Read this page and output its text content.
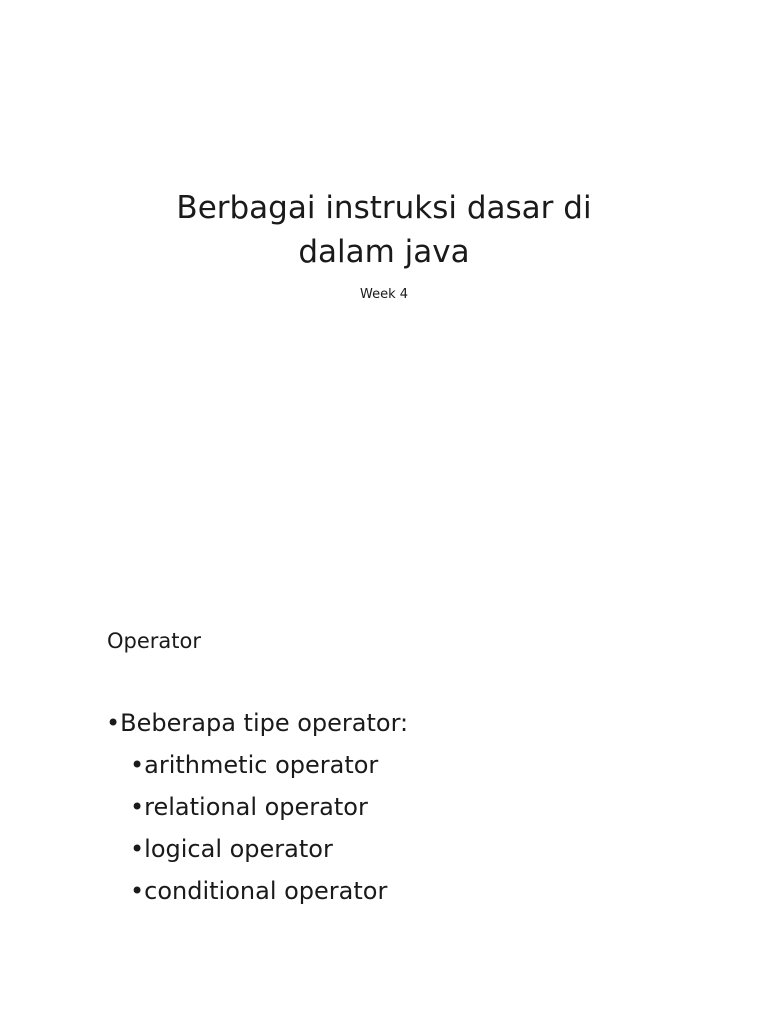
Berbagai instruksi dasar di
dalam java

Week 4

Operator
•Beberapa tipe operator:
•arithmetic operator
•relational operator
•logical operator
•conditional operator
